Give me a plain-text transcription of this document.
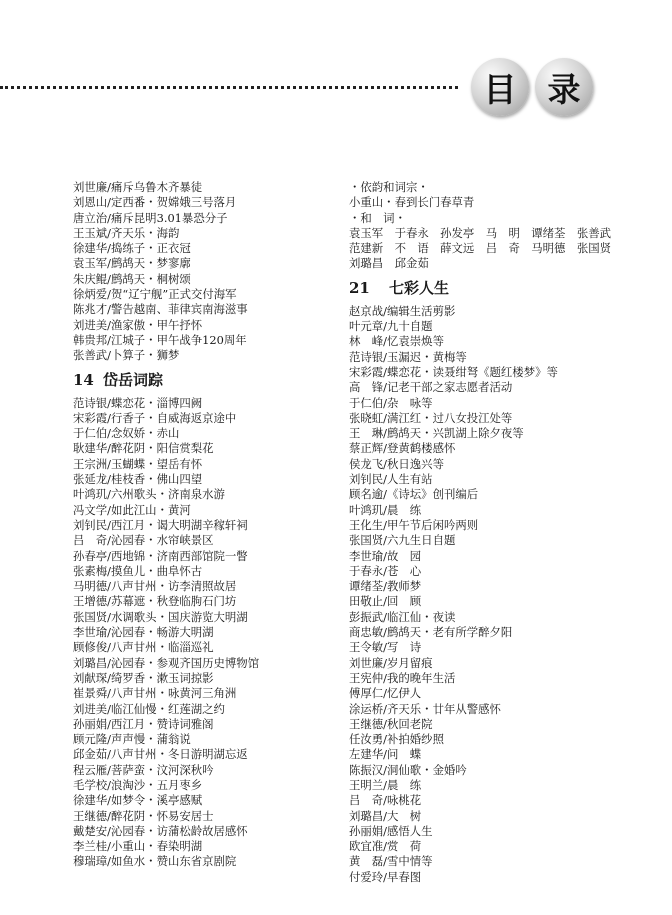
目 录
刘世廉/痛斥乌鲁木齐暴徒
刘恩山/定西番・贺嫦娥三号落月
唐立治/痛斥昆明3.01暴恐分子
王玉斌/齐天乐・海韵
徐建华/捣练子・正衣冠
袁玉军/鹧鸪天・梦寥廓
朱庆鲲/鹧鸪天・桐树颂
徐炳爱/贺“辽宁舰”正式交付海军
陈兆才/警告越南、菲律宾南海滋事
刘进美/渔家傲・甲午抒怀
韩贵邦/江城子・甲午战争120周年
张善武/卜算子・狮梦
14 岱岳词踪
范诗银/蝶恋花・淄博四阙
宋彩霞/行香子・自威海返京途中
于仁伯/念奴娇・赤山
耿建华/醉花阴・阳信赏梨花
王宗洲/玉蝴蝶・望岳有怀
张延龙/桂枝香・佛山四望
叶鸿玑/六州歌头・济南泉水游
冯文学/如此江山・黄河
刘钊民/西江月・谒大明湖辛稼轩祠
吕　奇/沁园春・水帘峡景区
孙春亭/西地锦・济南西部馆院一瞥
张素梅/摸鱼儿・曲阜怀古
马明德/八声甘州・访李清照故居
王增德/苏幕遮・秋登临朐石门坊
张国贤/水调歌头・国庆游览大明湖
李世瑜/沁园春・畅游大明湖
顾修俊/八声甘州・临淄巡礼
刘璐昌/沁园春・参观齐国历史博物馆
刘献琛/绮罗香・漱玉词掠影
崔景舜/八声甘州・咏黄河三角洲
刘进美/临江仙慢・红莲湖之约
孙丽娟/西江月・赞诗词雅阁
顾元隆/声声慢・蒲翁说
邱金茹/八声甘州・冬日游明湖忘返
程云雁/菩萨蛮・汶河深秋吟
毛学校/浪淘沙・五月枣乡
徐建华/如梦令・溪亭感赋
王继德/醉花阴・怀易安居士
戴楚安/沁园春・访蒲松龄故居感怀
李兰桂/小重山・春染明湖
穆瑞璋/如鱼水・赞山东省京剧院
・依韵和词宗・
小重山・春到长门春草青
・和　词・
袁玉军　于春永　孙发亭　马　明　谭绪荃　张善武
范建新　不　语　薛文远　吕　奇　马明德　张国贤
刘璐昌　邱金茹
21 七彩人生
赵京战/编辑生活剪影
叶元章/九十自题
林　峰/忆袁崇焕等
范诗银/玉漏迟・黄梅等
宋彩霞/蝶恋花・读聂绀弩《题红楼梦》等
高　锋/记老干部之家志愿者活动
于仁伯/杂　咏等
张晓虹/满江红・过八女投江处等
王　琳/鹧鸪天・兴凯湖上除夕夜等
蔡正辉/登黄鹤楼感怀
侯龙飞/秋日逸兴等
刘钊民/人生有站
顾名逾/《诗坛》创刊编后
叶鸿玑/晨　练
王化生/甲午节后闲吟两则
张国贤/六九生日自题
李世瑜/故　园
于春永/苍　心
谭绪荃/教师梦
田敬止/回　顾
彭振武/临江仙・夜读
商忠敏/鹧鸪天・老有所学醉夕阳
王令敏/写　诗
刘世廉/岁月留痕
王宪仲/我的晚年生活
傅厚仁/忆伊人
涂运桥/齐天乐・廿年从警感怀
王继德/秋回老院
任汝勇/补拍婚纱照
左建华/问　蝶
陈振汉/洞仙歌・金婚吟
王明兰/晨　练
吕　奇/咏桃花
刘璐昌/大　树
孙丽娟/感悟人生
欧宜准/赏　荷
黄　磊/雪中情等
付爱玲/早春图
